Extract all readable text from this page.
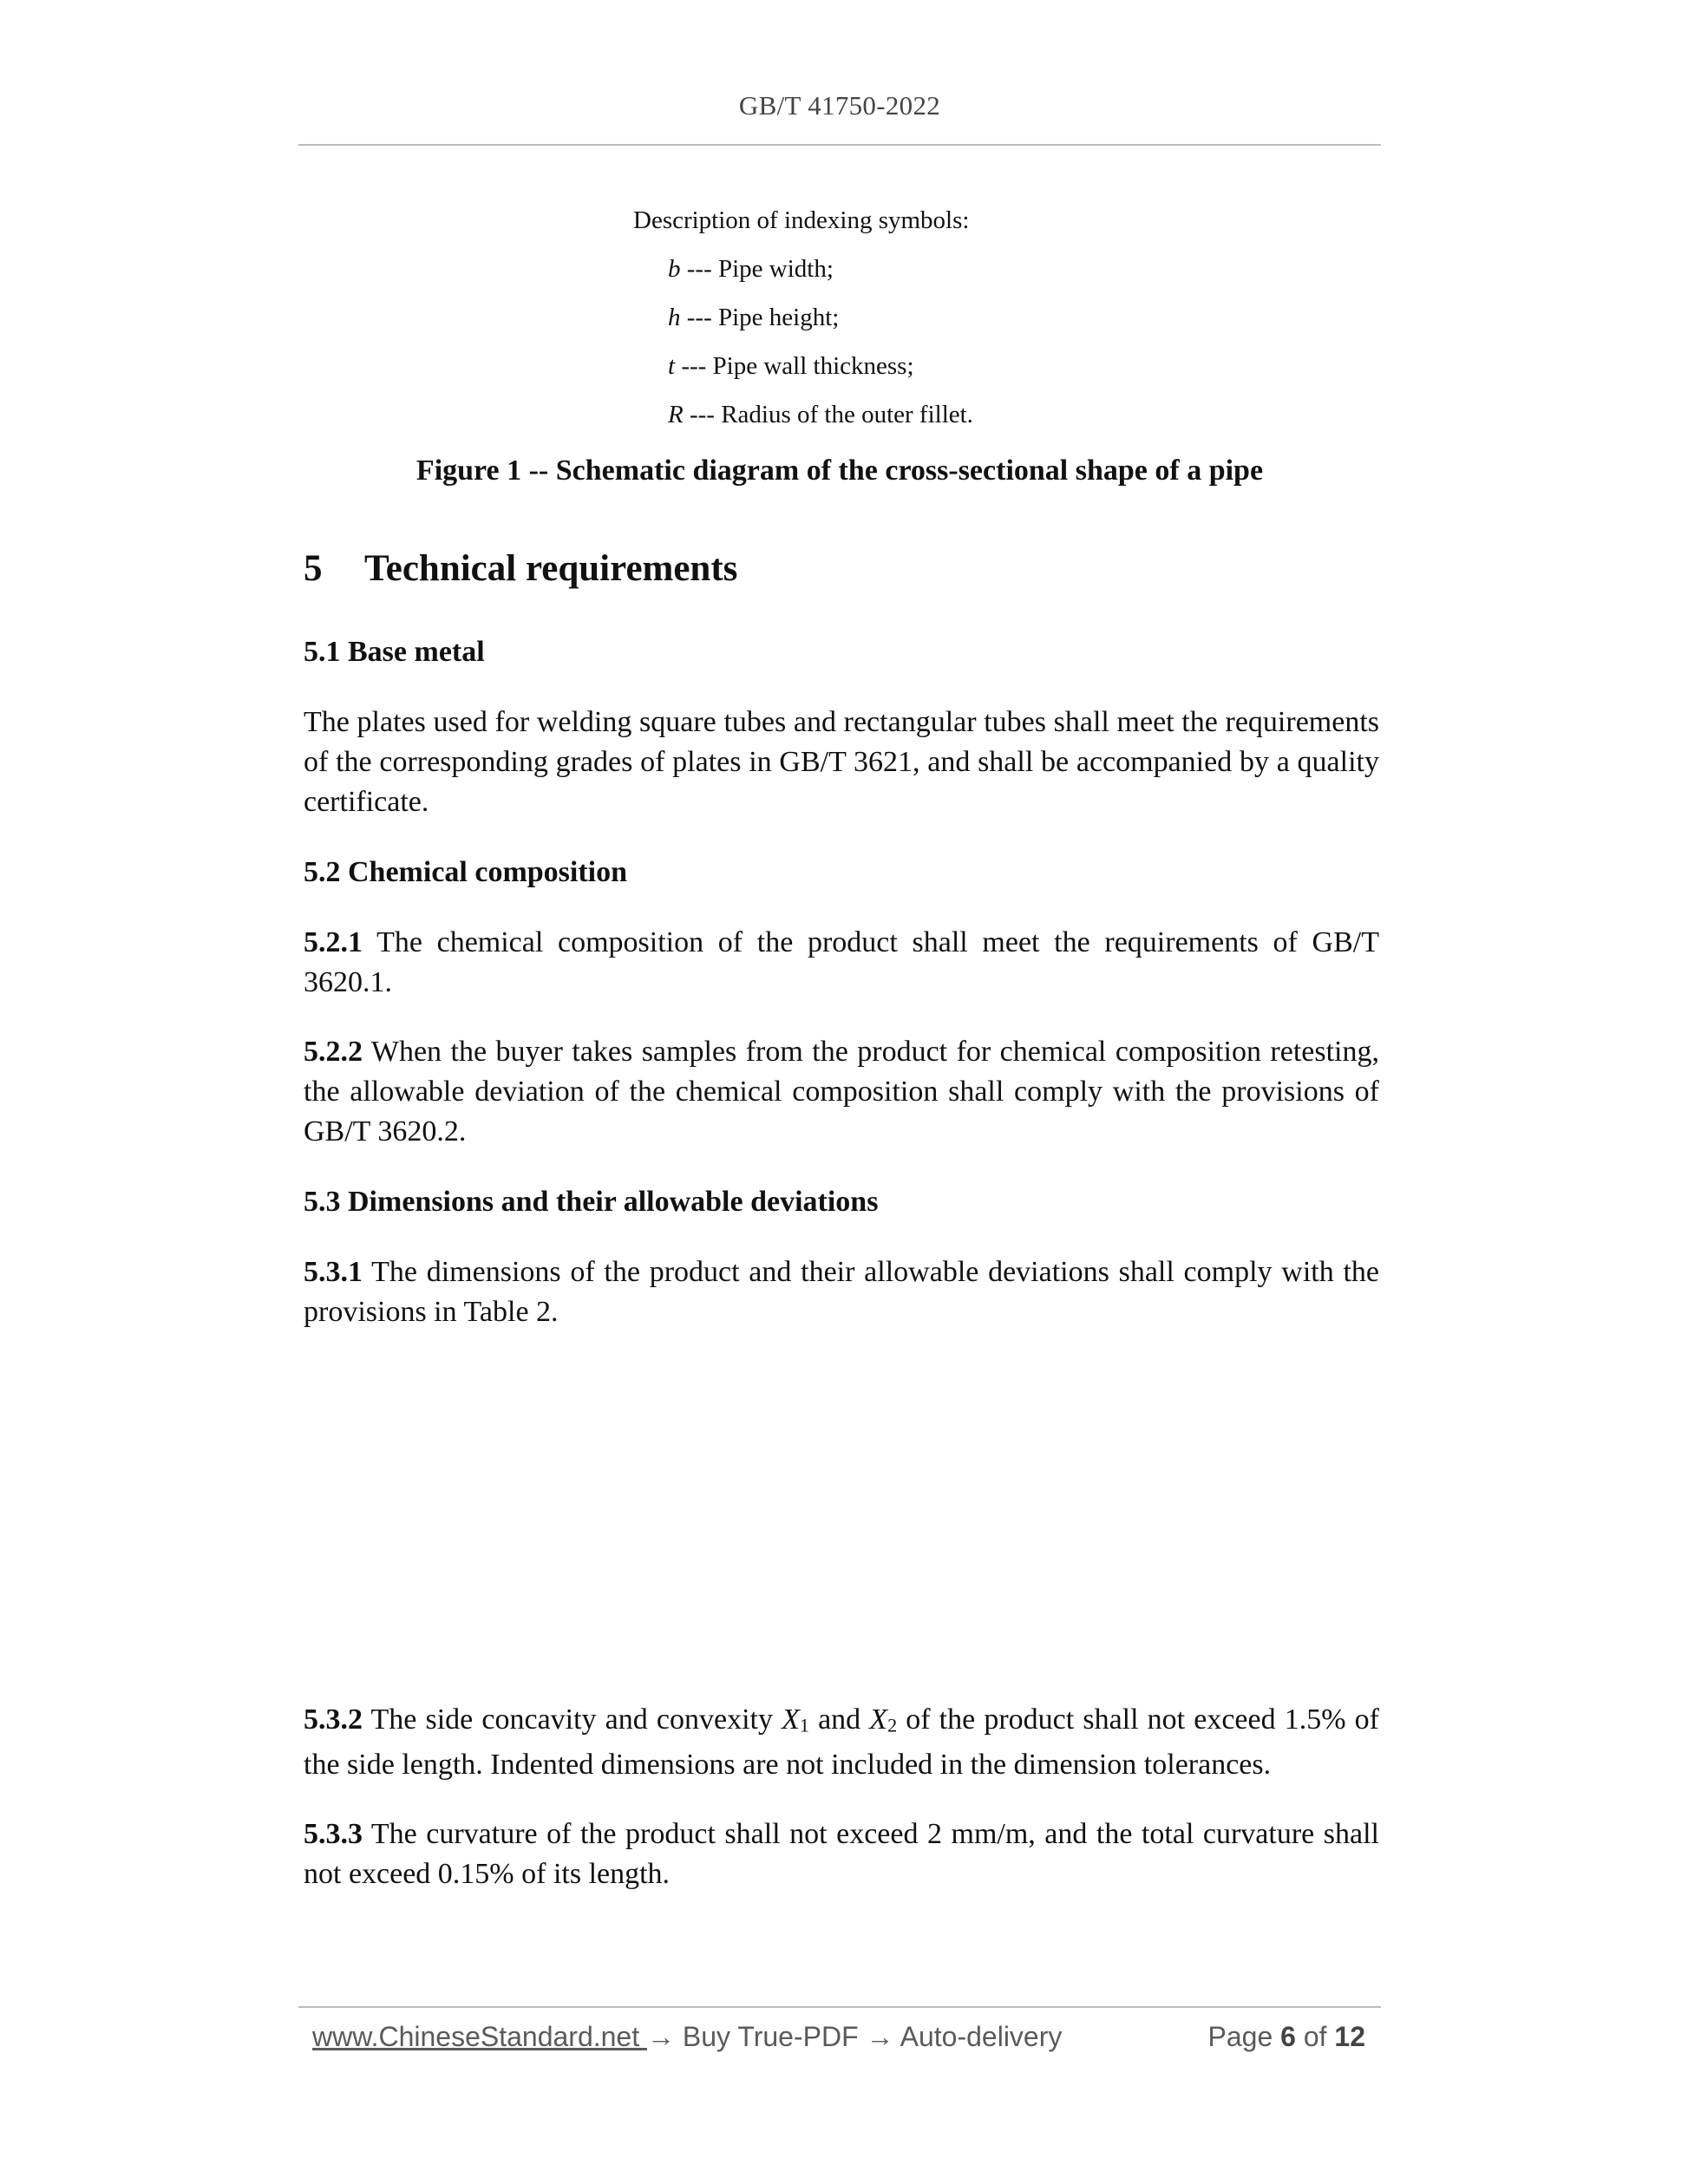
GB/T 41750-2022
Description of indexing symbols:
b --- Pipe width;
h --- Pipe height;
t --- Pipe wall thickness;
R --- Radius of the outer fillet.
Figure 1 -- Schematic diagram of the cross-sectional shape of a pipe
5 Technical requirements
5.1 Base metal

The plates used for welding square tubes and rectangular tubes shall meet the requirements of the corresponding grades of plates in GB/T 3621, and shall be accompanied by a quality certificate.

5.2 Chemical composition

5.2.1 The chemical composition of the product shall meet the requirements of GB/T 3620.1.

5.2.2 When the buyer takes samples from the product for chemical composition retesting, the allowable deviation of the chemical composition shall comply with the provisions of GB/T 3620.2.

5.3 Dimensions and their allowable deviations

5.3.1 The dimensions of the product and their allowable deviations shall comply with the provisions in Table 2.

5.3.2 The side concavity and convexity X1 and X2 of the product shall not exceed 1.5% of the side length. Indented dimensions are not included in the dimension tolerances.

5.3.3 The curvature of the product shall not exceed 2 mm/m, and the total curvature shall not exceed 0.15% of its length.

www.ChineseStandard.net → Buy True-PDF → Auto-delivery	Page 6 of 12
